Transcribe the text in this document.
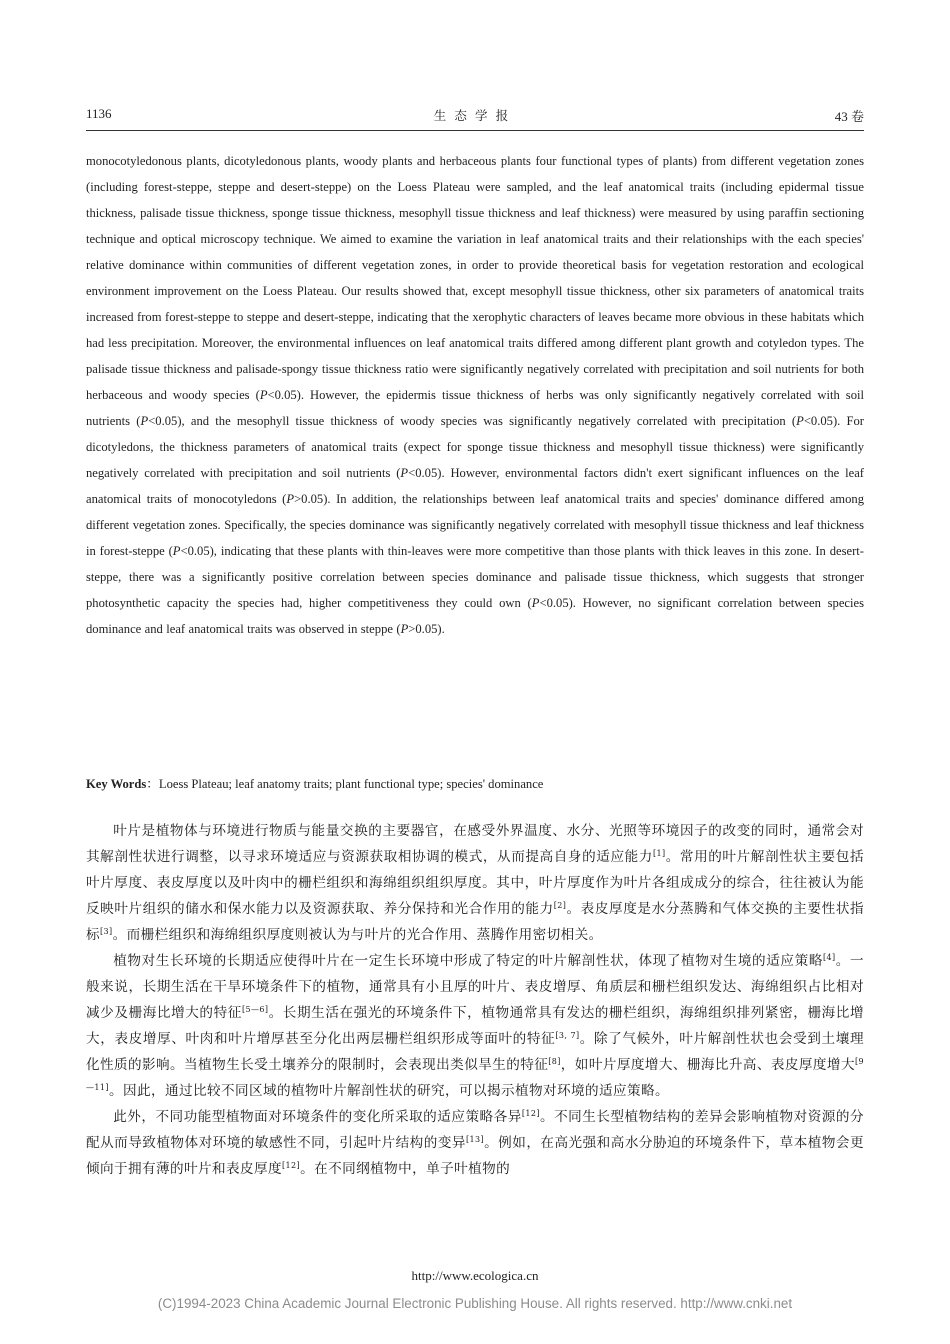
1136	生态学报	43 卷
monocotyledonous plants, dicotyledonous plants, woody plants and herbaceous plants four functional types of plants) from different vegetation zones (including forest-steppe, steppe and desert-steppe) on the Loess Plateau were sampled, and the leaf anatomical traits (including epidermal tissue thickness, palisade tissue thickness, sponge tissue thickness, mesophyll tissue thickness and leaf thickness) were measured by using paraffin sectioning technique and optical microscopy technique. We aimed to examine the variation in leaf anatomical traits and their relationships with the each species' relative dominance within communities of different vegetation zones, in order to provide theoretical basis for vegetation restoration and ecological environment improvement on the Loess Plateau. Our results showed that, except mesophyll tissue thickness, other six parameters of anatomical traits increased from forest-steppe to steppe and desert-steppe, indicating that the xerophytic characters of leaves became more obvious in these habitats which had less precipitation. Moreover, the environmental influences on leaf anatomical traits differed among different plant growth and cotyledon types. The palisade tissue thickness and palisade-spongy tissue thickness ratio were significantly negatively correlated with precipitation and soil nutrients for both herbaceous and woody species (P<0.05). However, the epidermis tissue thickness of herbs was only significantly negatively correlated with soil nutrients (P<0.05), and the mesophyll tissue thickness of woody species was significantly negatively correlated with precipitation (P<0.05). For dicotyledons, the thickness parameters of anatomical traits (expect for sponge tissue thickness and mesophyll tissue thickness) were significantly negatively correlated with precipitation and soil nutrients (P<0.05). However, environmental factors didn't exert significant influences on the leaf anatomical traits of monocotyledons (P>0.05). In addition, the relationships between leaf anatomical traits and species' dominance differed among different vegetation zones. Specifically, the species dominance was significantly negatively correlated with mesophyll tissue thickness and leaf thickness in forest-steppe (P<0.05), indicating that these plants with thin-leaves were more competitive than those plants with thick leaves in this zone. In desert-steppe, there was a significantly positive correlation between species dominance and palisade tissue thickness, which suggests that stronger photosynthetic capacity the species had, higher competitiveness they could own (P<0.05). However, no significant correlation between species dominance and leaf anatomical traits was observed in steppe (P>0.05).
Key Words：Loess Plateau; leaf anatomy traits; plant functional type; species' dominance

叶片是植物体与环境进行物质与能量交换的主要器官，在感受外界温度、水分、光照等环境因子的改变的同时，通常会对其解剖性状进行调整，以寻求环境适应与资源获取相协调的模式，从而提高自身的适应能力[1]。常用的叶片解剖性状主要包括叶片厚度、表皮厚度以及叶肉中的栅栏组织和海绵组织组织厚度。其中，叶片厚度作为叶片各组成成分的综合，往往被认为能反映叶片组织的储水和保水能力以及资源获取、养分保持和光合作用的能力[2]。表皮厚度是水分蒸腾和气体交换的主要性状指标[3]。而栅栏组织和海绵组织厚度则被认为与叶片的光合作用、蒸腾作用密切相关。

植物对生长环境的长期适应使得叶片在一定生长环境中形成了特定的叶片解剖性状，体现了植物对生境的适应策略[4]。一般来说，长期生活在干旱环境条件下的植物，通常具有小且厚的叶片、表皮增厚、角质层和栅栏组织发达、海绵组织占比相对减少及栅海比增大的特征[5—6]。长期生活在强光的环境条件下，植物通常具有发达的栅栏组织，海绵组织排列紧密，栅海比增大，表皮增厚、叶肉和叶片增厚甚至分化出两层栅栏组织形成等面叶的特征[3, 7]。除了气候外，叶片解剖性状也会受到土壤理化性质的影响。当植物生长受土壤养分的限制时，会表现出类似旱生的特征[8]，如叶片厚度增大、栅海比升高、表皮厚度增大[9—11]。因此，通过比较不同区域的植物叶片解剖性状的研究，可以揭示植物对环境的适应策略。

此外，不同功能型植物面对环境条件的变化所采取的适应策略各异[12]。不同生长型植物结构的差异会影响植物对资源的分配从而导致植物体对环境的敏感性不同，引起叶片结构的变异[13]。例如，在高光强和高水分胁迫的环境条件下，草本植物会更倾向于拥有薄的叶片和表皮厚度[12]。在不同纲植物中，单子叶植物的

http://www.ecologica.cn
(C)1994-2023 China Academic Journal Electronic Publishing House. All rights reserved. http://www.cnki.net
